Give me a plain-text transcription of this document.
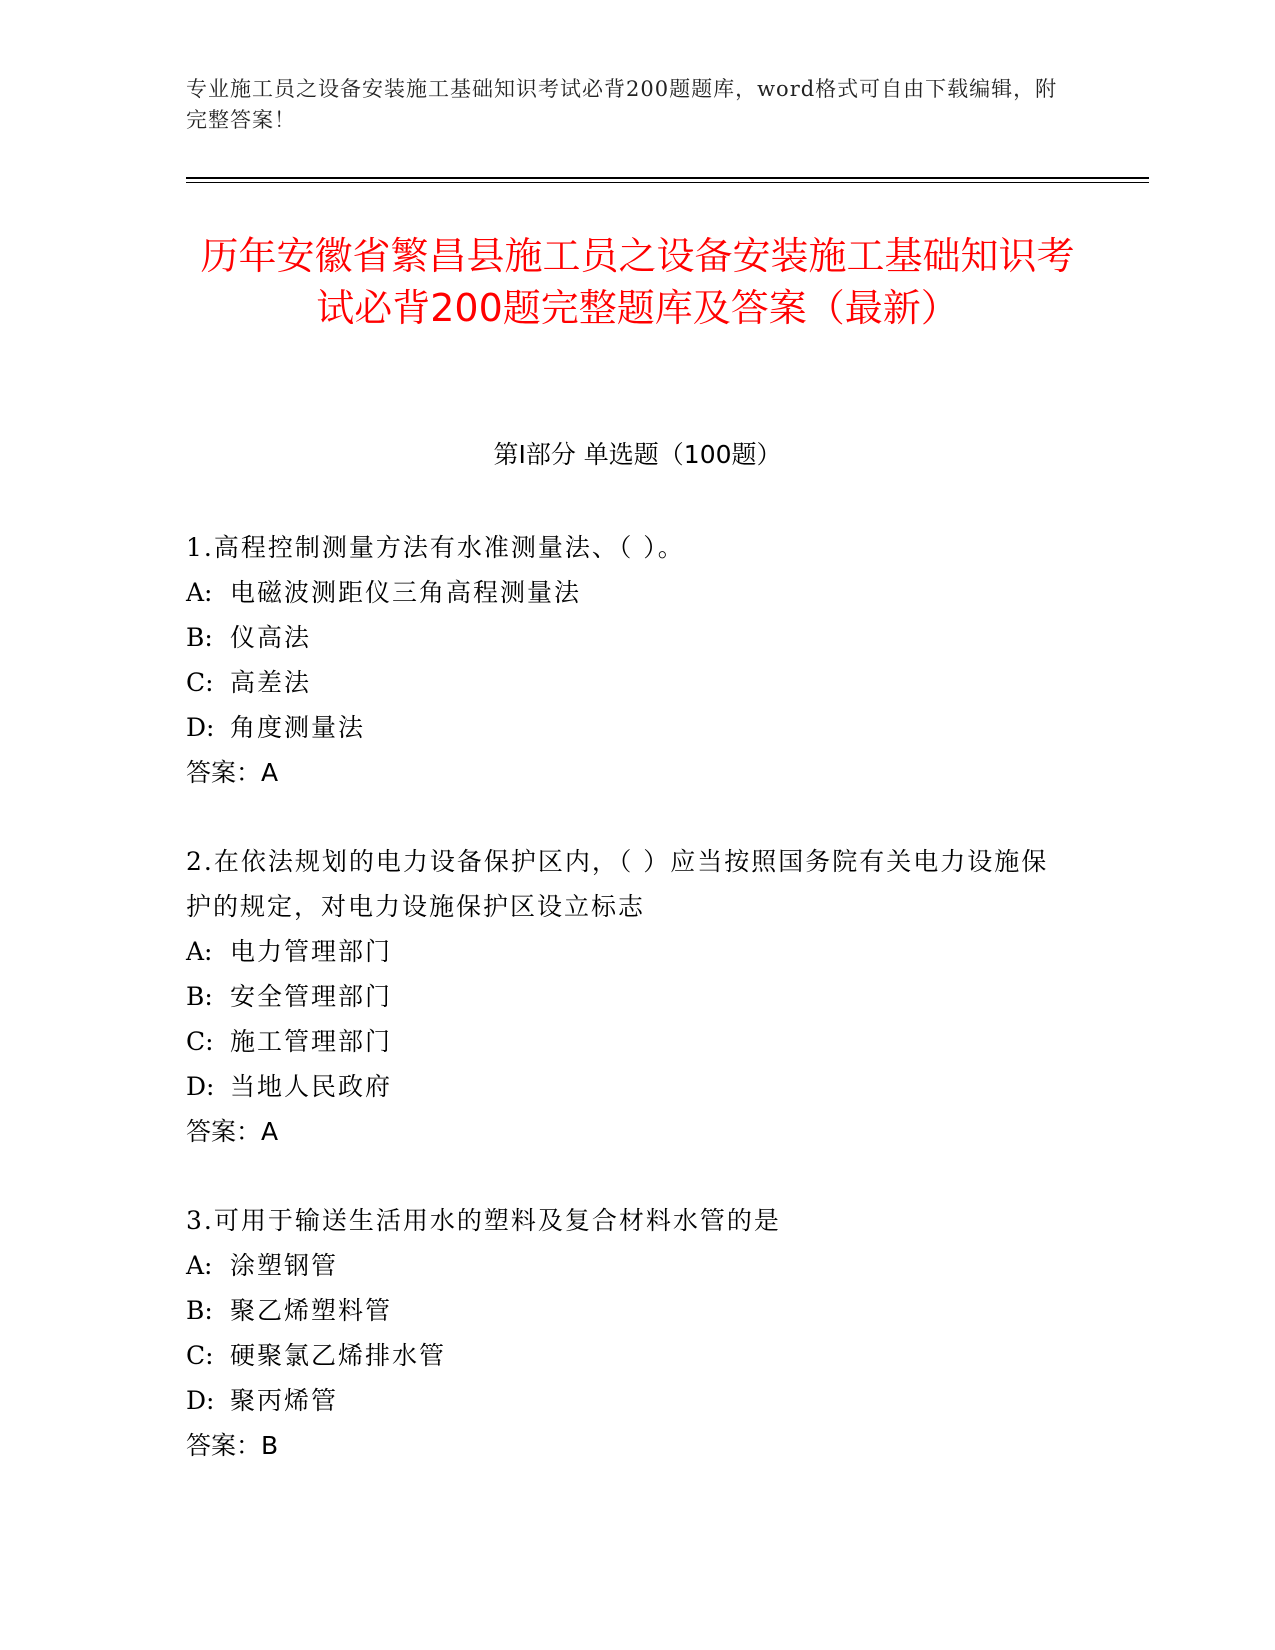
专业施工员之设备安装施工基础知识考试必背200题题库，word格式可自由下载编辑，附完整答案！
历年安徽省繁昌县施工员之设备安装施工基础知识考试必背200题完整题库及答案（最新）
第I部分 单选题（100题）

1.高程控制测量方法有水准测量法、（ ）。

A: 电磁波测距仪三角高程测量法

B: 仪高法

C: 高差法

D: 角度测量法

答案：A

2.在依法规划的电力设备保护区内，（ ）应当按照国务院有关电力设施保护的规定，对电力设施保护区设立标志

A: 电力管理部门

B: 安全管理部门

C: 施工管理部门

D: 当地人民政府

答案：A

3.可用于输送生活用水的塑料及复合材料水管的是

A: 涂塑钢管

B: 聚乙烯塑料管

C: 硬聚氯乙烯排水管

D: 聚丙烯管

答案：B
